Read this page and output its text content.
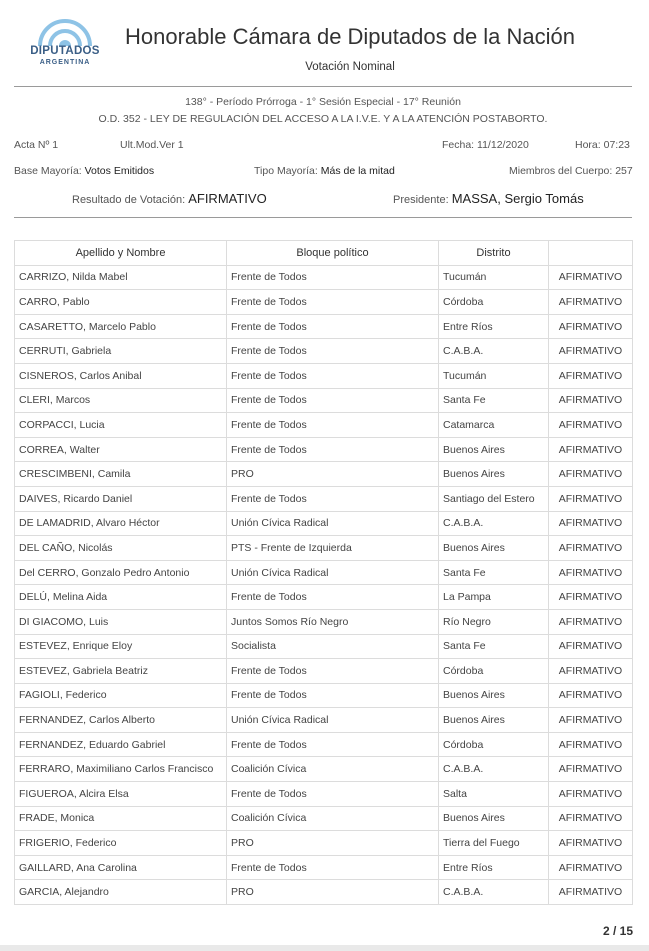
DIPUTADOS
ARGENTINA
Honorable Cámara de Diputados de la Nación
Votación Nominal
138° - Período Prórroga - 1° Sesión Especial - 17° Reunión
O.D. 352 - LEY DE REGULACIÓN DEL ACCESO A LA I.V.E. Y A LA ATENCIÓN POSTABORTO.
Acta Nº 1	Ult.Mod.Ver 1	Fecha: 11/12/2020	Hora: 07:23
Base Mayoría: Votos Emitidos	Tipo Mayoría: Más de la mitad	Miembros del Cuerpo: 257
Resultado de Votación: AFIRMATIVO	Presidente: MASSA, Sergio Tomás
Apellido y Nombre	Bloque político	Distrito	
CARRIZO, Nilda Mabel	Frente de Todos	Tucumán	AFIRMATIVO
CARRO, Pablo	Frente de Todos	Córdoba	AFIRMATIVO
CASARETTO, Marcelo Pablo	Frente de Todos	Entre Ríos	AFIRMATIVO
CERRUTI, Gabriela	Frente de Todos	C.A.B.A.	AFIRMATIVO
CISNEROS, Carlos Anibal	Frente de Todos	Tucumán	AFIRMATIVO
CLERI, Marcos	Frente de Todos	Santa Fe	AFIRMATIVO
CORPACCI, Lucia	Frente de Todos	Catamarca	AFIRMATIVO
CORREA, Walter	Frente de Todos	Buenos Aires	AFIRMATIVO
CRESCIMBENI, Camila	PRO	Buenos Aires	AFIRMATIVO
DAIVES, Ricardo Daniel	Frente de Todos	Santiago del Estero	AFIRMATIVO
DE LAMADRID, Alvaro Héctor	Unión Cívica Radical	C.A.B.A.	AFIRMATIVO
DEL CAÑO, Nicolás	PTS - Frente de Izquierda	Buenos Aires	AFIRMATIVO
Del CERRO, Gonzalo Pedro Antonio	Unión Cívica Radical	Santa Fe	AFIRMATIVO
DELÚ, Melina Aida	Frente de Todos	La Pampa	AFIRMATIVO
DI GIACOMO, Luis	Juntos Somos Río Negro	Río Negro	AFIRMATIVO
ESTEVEZ, Enrique Eloy	Socialista	Santa Fe	AFIRMATIVO
ESTEVEZ, Gabriela Beatriz	Frente de Todos	Córdoba	AFIRMATIVO
FAGIOLI, Federico	Frente de Todos	Buenos Aires	AFIRMATIVO
FERNANDEZ, Carlos Alberto	Unión Cívica Radical	Buenos Aires	AFIRMATIVO
FERNANDEZ, Eduardo Gabriel	Frente de Todos	Córdoba	AFIRMATIVO
FERRARO, Maximiliano Carlos Francisco	Coalición Cívica	C.A.B.A.	AFIRMATIVO
FIGUEROA, Alcira Elsa	Frente de Todos	Salta	AFIRMATIVO
FRADE, Monica	Coalición Cívica	Buenos Aires	AFIRMATIVO
FRIGERIO, Federico	PRO	Tierra del Fuego	AFIRMATIVO
GAILLARD, Ana Carolina	Frente de Todos	Entre Ríos	AFIRMATIVO
GARCIA, Alejandro	PRO	C.A.B.A.	AFIRMATIVO
2 / 15
